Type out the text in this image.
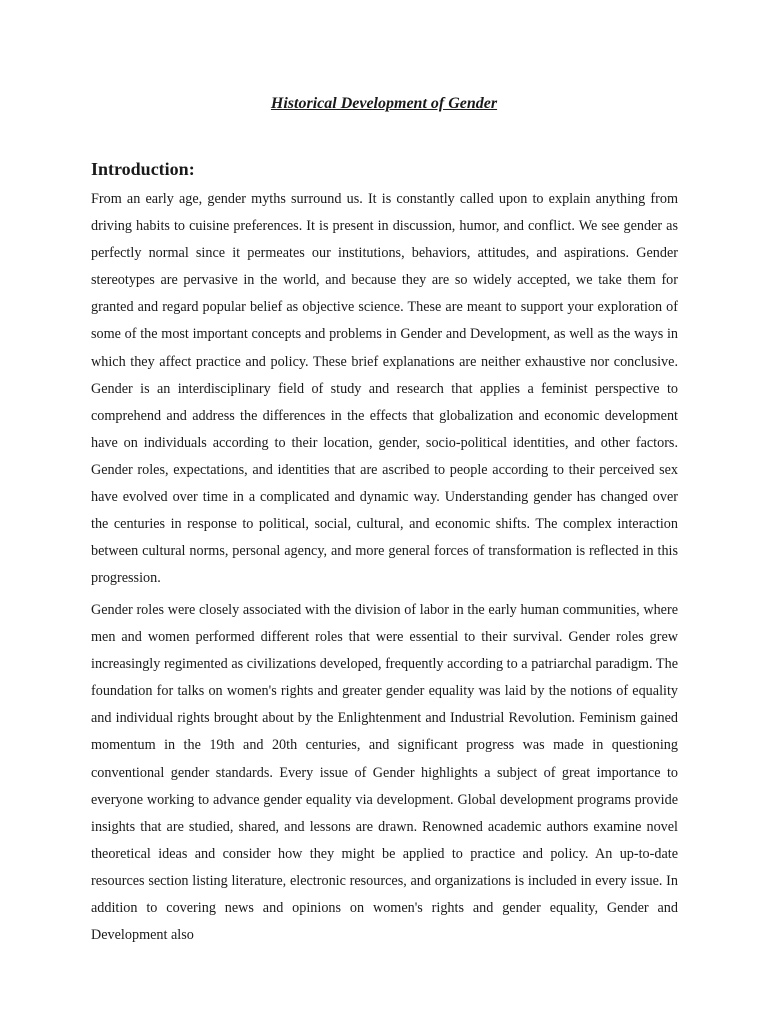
Historical Development of Gender
Introduction:

From an early age, gender myths surround us. It is constantly called upon to explain anything from driving habits to cuisine preferences. It is present in discussion, humor, and conflict. We see gender as perfectly normal since it permeates our institutions, behaviors, attitudes, and aspirations. Gender stereotypes are pervasive in the world, and because they are so widely accepted, we take them for granted and regard popular belief as objective science. These are meant to support your exploration of some of the most important concepts and problems in Gender and Development, as well as the ways in which they affect practice and policy. These brief explanations are neither exhaustive nor conclusive. Gender is an interdisciplinary field of study and research that applies a feminist perspective to comprehend and address the differences in the effects that globalization and economic development have on individuals according to their location, gender, socio-political identities, and other factors. Gender roles, expectations, and identities that are ascribed to people according to their perceived sex have evolved over time in a complicated and dynamic way. Understanding gender has changed over the centuries in response to political, social, cultural, and economic shifts. The complex interaction between cultural norms, personal agency, and more general forces of transformation is reflected in this progression.

Gender roles were closely associated with the division of labor in the early human communities, where men and women performed different roles that were essential to their survival. Gender roles grew increasingly regimented as civilizations developed, frequently according to a patriarchal paradigm. The foundation for talks on women's rights and greater gender equality was laid by the notions of equality and individual rights brought about by the Enlightenment and Industrial Revolution. Feminism gained momentum in the 19th and 20th centuries, and significant progress was made in questioning conventional gender standards. Every issue of Gender highlights a subject of great importance to everyone working to advance gender equality via development. Global development programs provide insights that are studied, shared, and lessons are drawn. Renowned academic authors examine novel theoretical ideas and consider how they might be applied to practice and policy. An up-to-date resources section listing literature, electronic resources, and organizations is included in every issue. In addition to covering news and opinions on women's rights and gender equality, Gender and Development also
